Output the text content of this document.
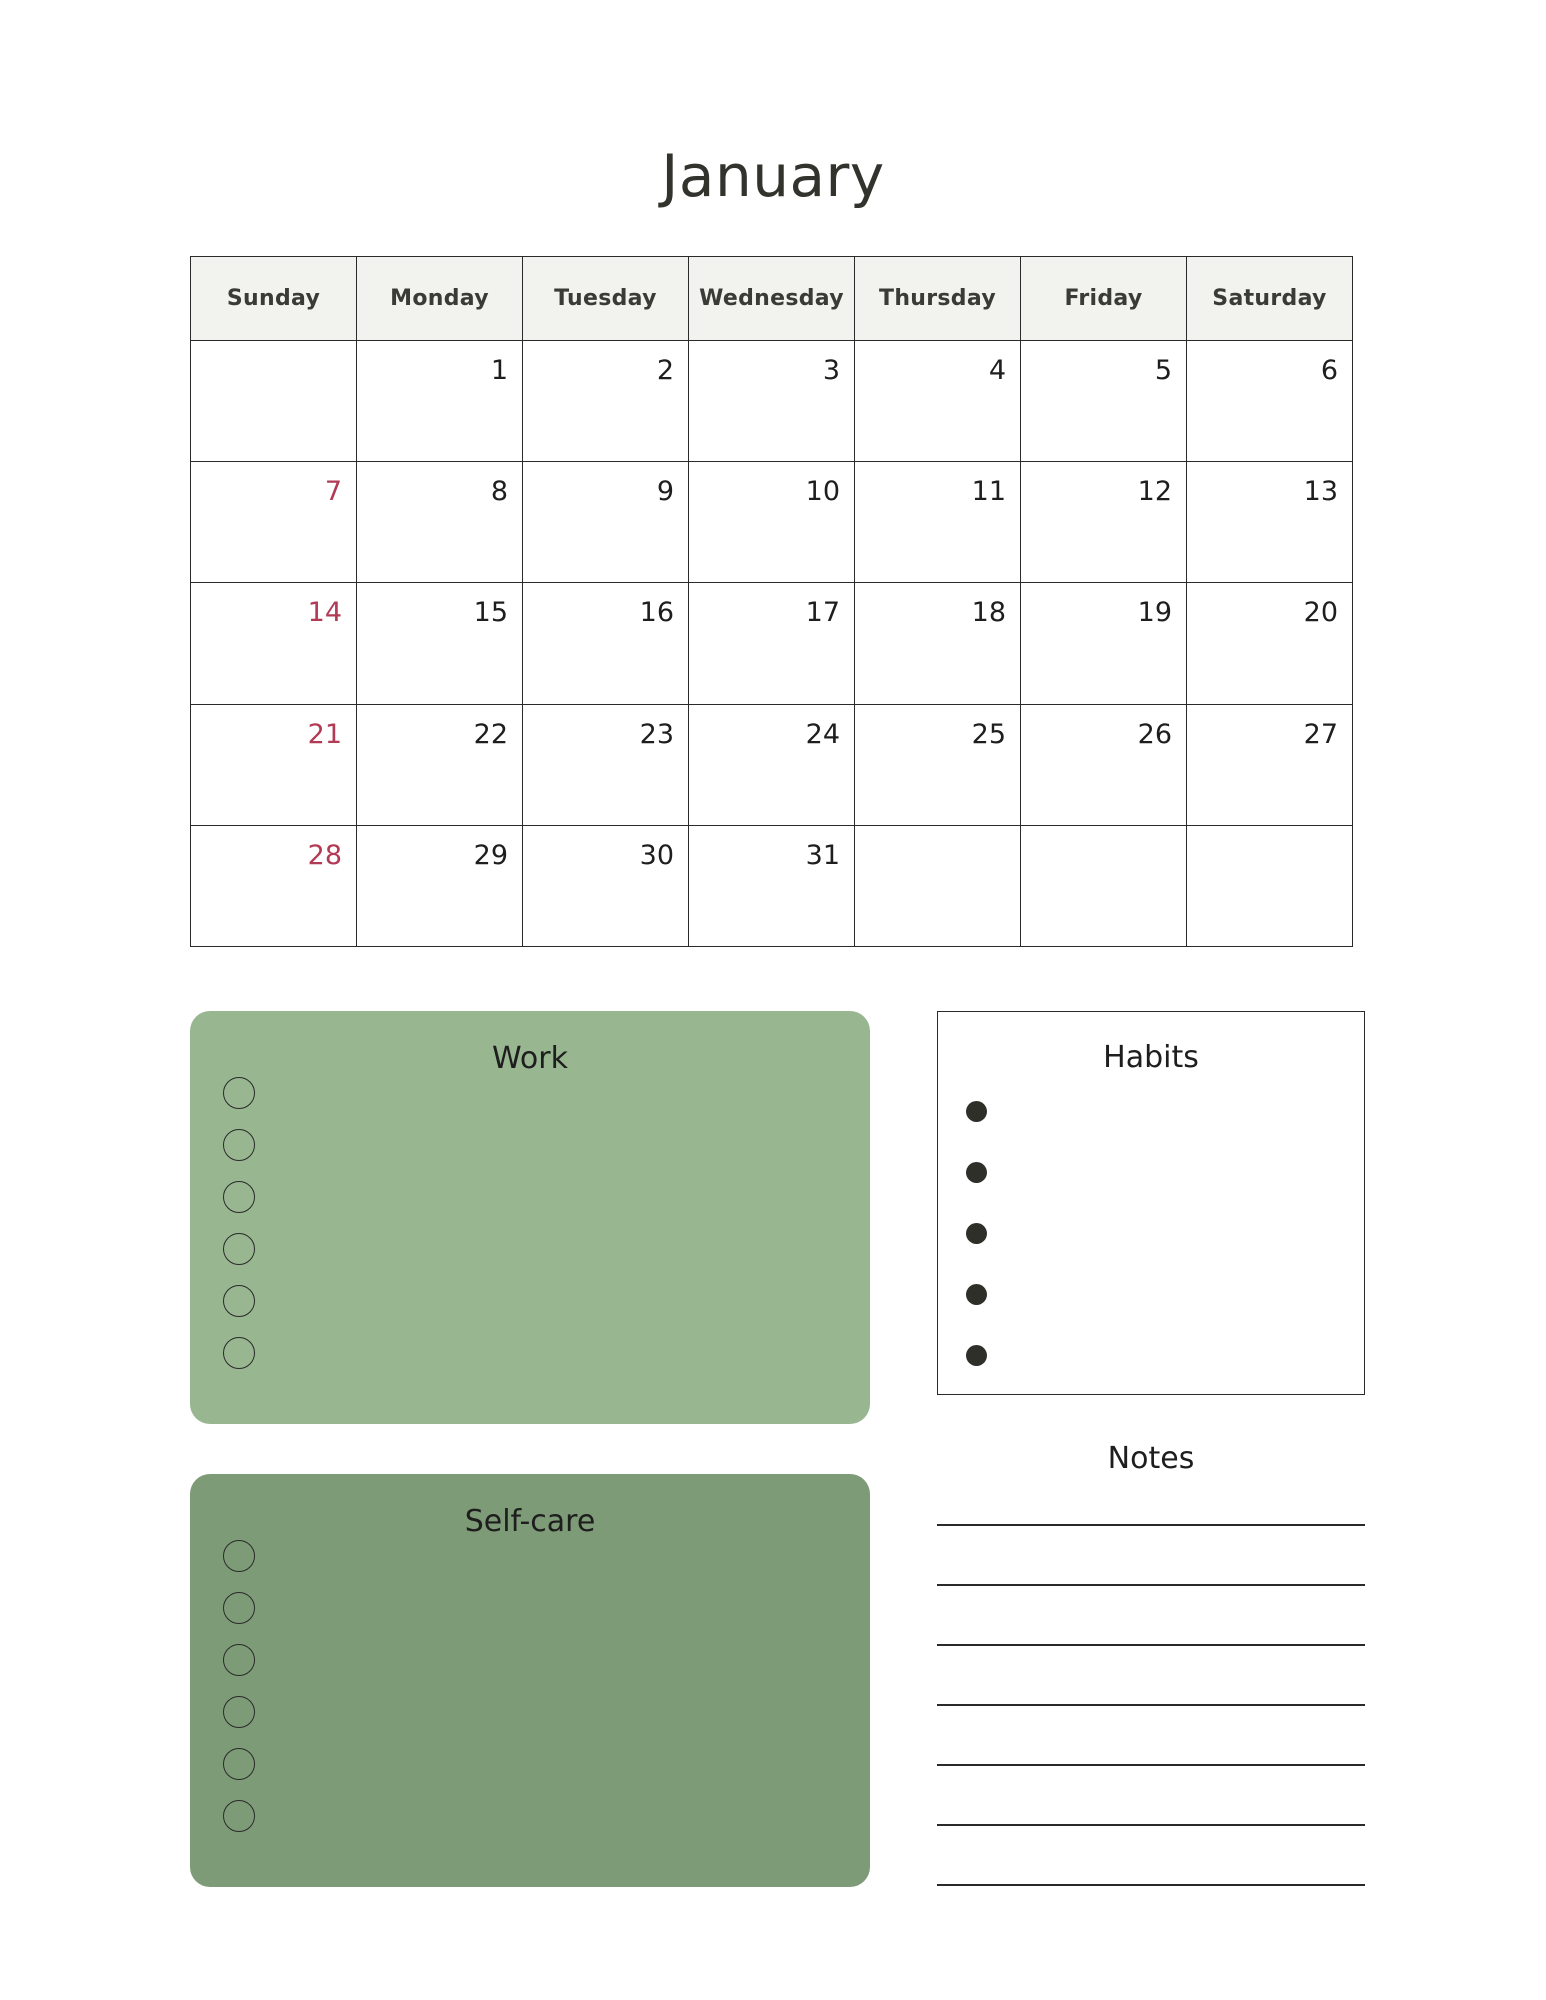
January
Sunday	Monday	Tuesday	Wednesday	Thursday	Friday	Saturday

	1	2	3	4	5	6

7	8	9	10	11	12	13

14	15	16	17	18	19	20

21	22	23	24	25	26	27

28	29	30	31			

Work
Self-care
Habits
Notes
